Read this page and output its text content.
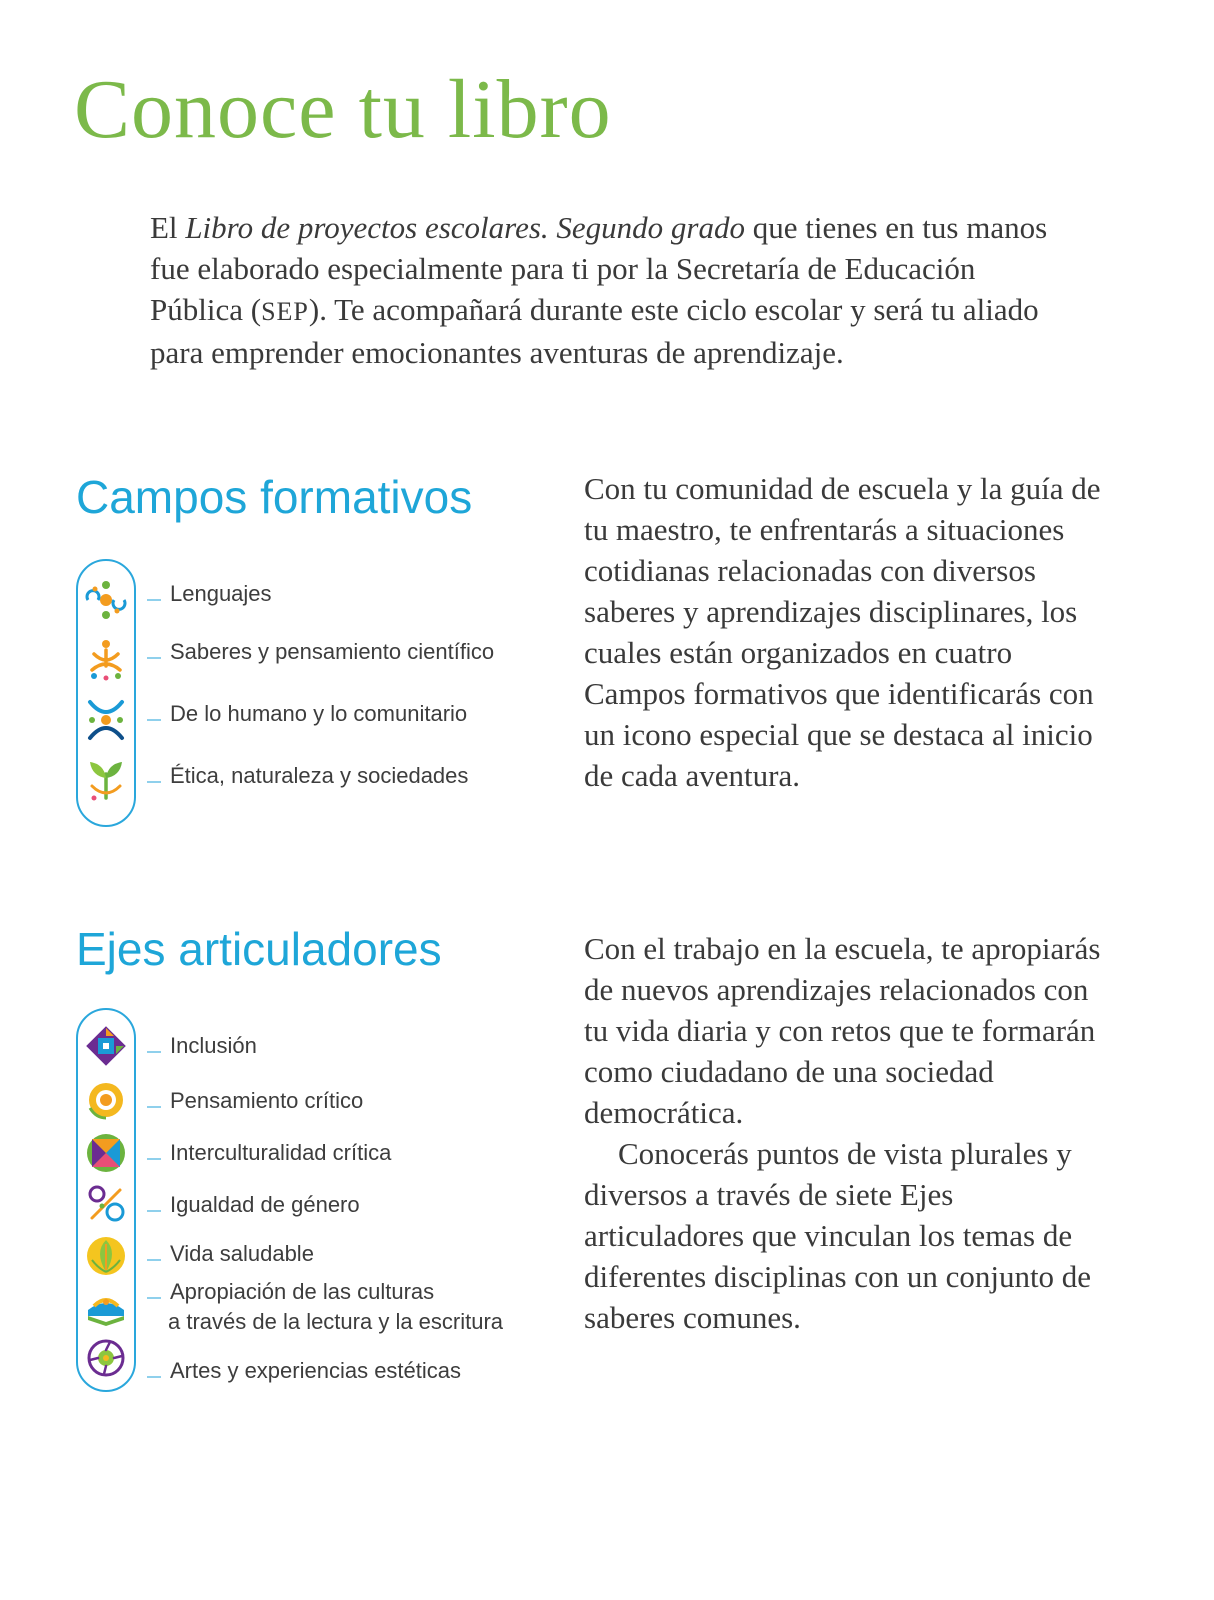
Conoce tu libro

El Libro de proyectos escolares. Segundo grado que tienes en tus manos fue elaborado especialmente para ti por la Secretaría de Educación Pública (SEP). Te acompañará durante este ciclo escolar y será tu aliado para emprender emocionantes aventuras de aprendizaje.

Campos formativos
Lenguajes
Saberes y pensamiento científico
De lo humano y lo comunitario
Ética, naturaleza y sociedades

Con tu comunidad de escuela y la guía de tu maestro, te enfrentarás a situaciones cotidianas relacionadas con diversos saberes y aprendizajes disciplinares, los cuales están organizados en cuatro Campos formativos que identificarás con un icono especial que se destaca al inicio de cada aventura.

Ejes articuladores
Inclusión
Pensamiento crítico
Interculturalidad crítica
Igualdad de género
Vida saludable
Apropiación de las culturas
a través de la lectura y la escritura
Artes y experiencias estéticas

Con el trabajo en la escuela, te apropiarás de nuevos aprendizajes relacionados con tu vida diaria y con retos que te formarán como ciudadano de una sociedad democrática.
Conocerás puntos de vista plurales y diversos a través de siete Ejes articuladores que vinculan los temas de diferentes disciplinas con un conjunto de saberes comunes.
